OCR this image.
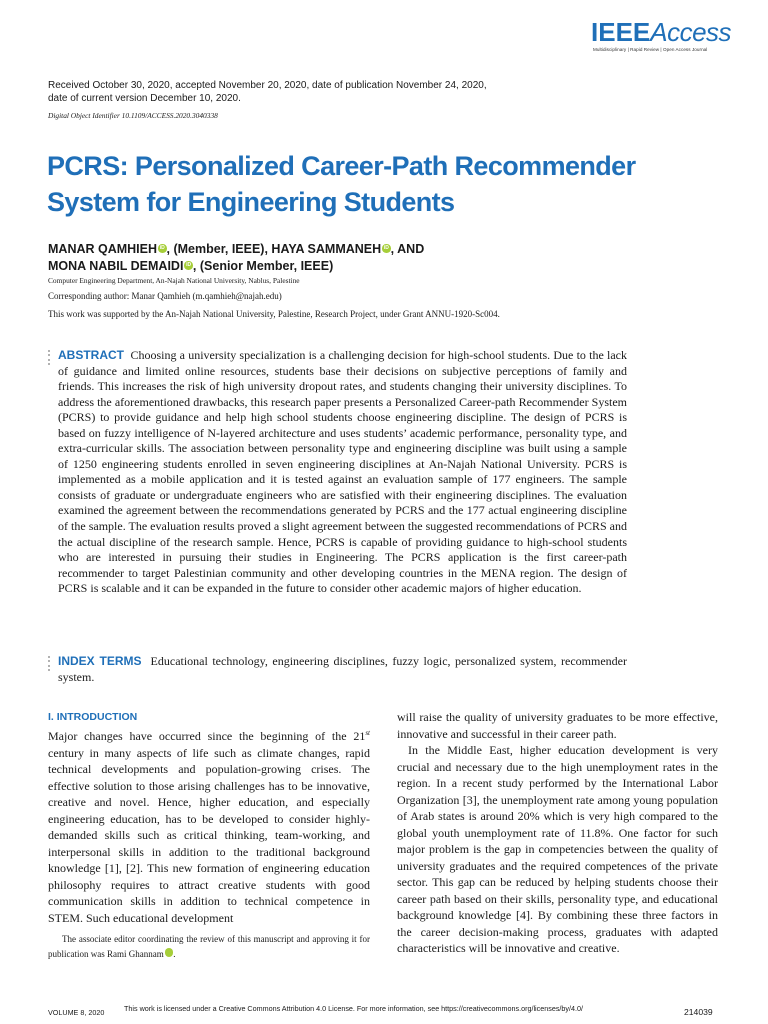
IEEEAccess
Multidisciplinary | Rapid Review | Open Access Journal
Received October 30, 2020, accepted November 20, 2020, date of publication November 24, 2020,
date of current version December 10, 2020.
Digital Object Identifier 10.1109/ACCESS.2020.3040338
PCRS: Personalized Career-Path Recommender
System for Engineering Students
MANAR QAMHIEH iD , (Member, IEEE), HAYA SAMMANEH iD , AND
MONA NABIL DEMAIDI iD , (Senior Member, IEEE)
Computer Engineering Department, An-Najah National University, Nablus, Palestine
Corresponding author: Manar Qamhieh (m.qamhieh@najah.edu)
This work was supported by the An-Najah National University, Palestine, Research Project, under Grant ANNU-1920-Sc004.
ABSTRACT Choosing a university specialization is a challenging decision for high-school students. Due to the lack of guidance and limited online resources, students base their decisions on subjective perceptions of family and friends. This increases the risk of high university dropout rates, and students changing their university disciplines. To address the aforementioned drawbacks, this research paper presents a Personalized Career-path Recommender System (PCRS) to provide guidance and help high school students choose engineering discipline. The design of PCRS is based on fuzzy intelligence of N-layered architecture and uses students’ academic performance, personality type, and extra-curricular skills. The association between personality type and engineering discipline was built using a sample of 1250 engineering students enrolled in seven engineering disciplines at An-Najah National University. PCRS is implemented as a mobile application and it is tested against an evaluation sample of 177 engineers. The sample consists of graduate or undergraduate engineers who are satisfied with their engineering disciplines. The evaluation examined the agreement between the recommendations generated by PCRS and the 177 actual engineering discipline of the sample. The evaluation results proved a slight agreement between the suggested recommendations of PCRS and the actual discipline of the research sample. Hence, PCRS is capable of providing guidance to high-school students who are interested in pursuing their studies in Engineering. The PCRS application is the first career-path recommender to target Palestinian community and other developing countries in the MENA region. The design of PCRS is scalable and it can be expanded in the future to consider other academic majors of higher education.
INDEX TERMS Educational technology, engineering disciplines, fuzzy logic, personalized system, recommender system.
I. INTRODUCTION
Major changes have occurred since the beginning of the 21st century in many aspects of life such as climate changes, rapid technical developments and population-growing crises. The effective solution to those arising challenges has to be innovative, creative and novel. Hence, higher education, and especially engineering education, has to be developed to consider highly-demanded skills such as critical thinking, team-working, and interpersonal skills in addition to the traditional background knowledge [1], [2]. This new formation of engineering education philosophy requires to attract creative students with good communication skills in addition to technical competence in STEM. Such educational development
will raise the quality of university graduates to be more effective, innovative and successful in their career path.
In the Middle East, higher education development is very crucial and necessary due to the high unemployment rates in the region. In a recent study performed by the International Labor Organization [3], the unemployment rate among young population of Arab states is around 20% which is very high compared to the global youth unemployment rate of 11.8%. One factor for such major problem is the gap in competencies between the quality of university graduates and the required competences of the private sector. This gap can be reduced by helping students choose their career path based on their skills, personality type, and educational background knowledge [4]. By combining these three factors in the career decision-making process, graduates with adapted characteristics will be innovative and creative.
The associate editor coordinating the review of this manuscript and approving it for publication was Rami Ghannam	iD.
VOLUME 8, 2020	This work is licensed under a Creative Commons Attribution 4.0 License. For more information, see https://creativecommons.org/licenses/by/4.0/	214039
